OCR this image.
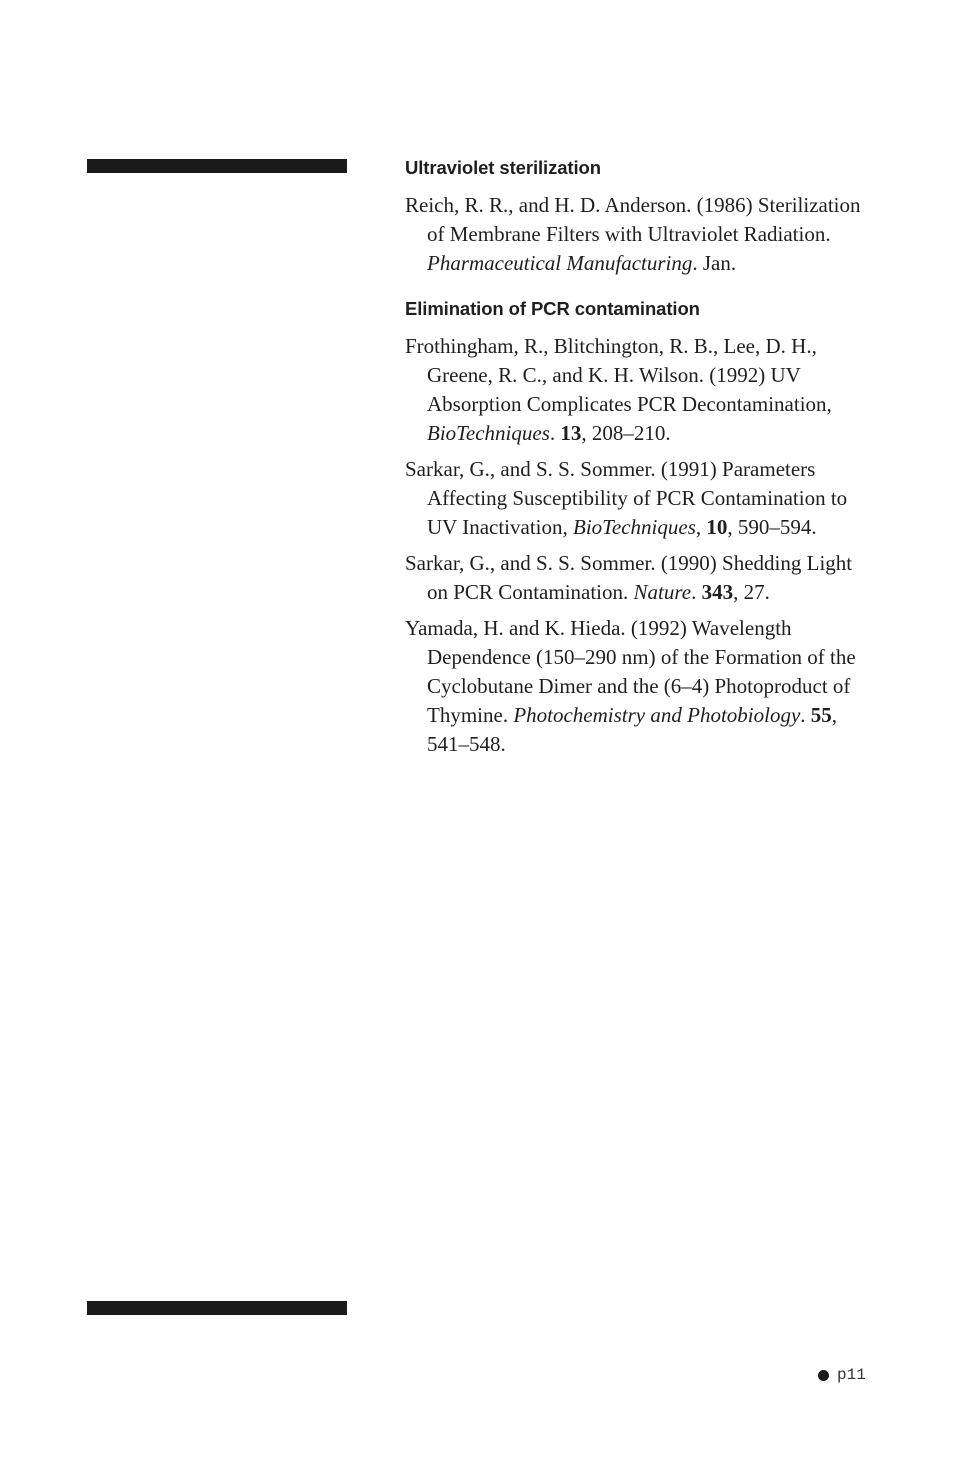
Ultraviolet sterilization

Reich, R. R., and H. D. Anderson. (1986) Sterilization of Membrane Filters with Ultraviolet Radiation. Pharmaceutical Manufacturing. Jan.

Elimination of PCR contamination

Frothingham, R., Blitchington, R. B., Lee, D. H., Greene, R. C., and K. H. Wilson. (1992) UV Absorption Complicates PCR Decontamination, BioTechniques. 13, 208–210.

Sarkar, G., and S. S. Sommer. (1991) Parameters Affecting Susceptibility of PCR Contamination to UV Inactivation, BioTechniques, 10, 590–594.

Sarkar, G., and S. S. Sommer. (1990) Shedding Light on PCR Contamination. Nature. 343, 27.

Yamada, H. and K. Hieda. (1992) Wavelength Dependence (150–290 nm) of the Formation of the Cyclobutane Dimer and the (6–4) Photoproduct of Thymine. Photochemistry and Photobiology. 55, 541–548.

p11
